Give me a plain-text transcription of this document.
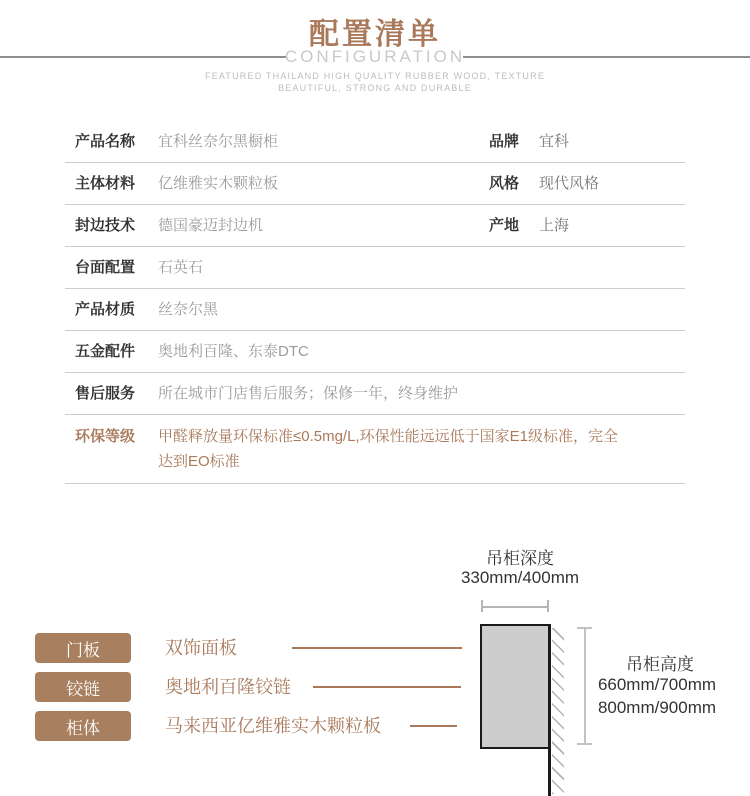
配置清单
CONFIGURATION
FEATURED THAILAND HIGH QUALITY RUBBER WOOD, TEXTURE
BEAUTIFUL, STRONG AND DURABLE
产品名称	宜科丝奈尔黑橱柜	品牌	宜科
主体材料	亿维雅实木颗粒板	风格	现代风格
封边技术	德国豪迈封边机	产地	上海
台面配置	石英石
产品材质	丝奈尔黑
五金配件	奥地利百隆、东泰DTC
售后服务	所在城市门店售后服务；保修一年，终身维护
环保等级	甲醛释放量环保标准≤0.5mg/L,环保性能远远低于国家E1级标准，完全达到EO标准
门板
铰链
柜体
双饰面板
奥地利百隆铰链
马来西亚亿维雅实木颗粒板
吊柜深度
330mm/400mm
吊柜高度
660mm/700mm
800mm/900mm
